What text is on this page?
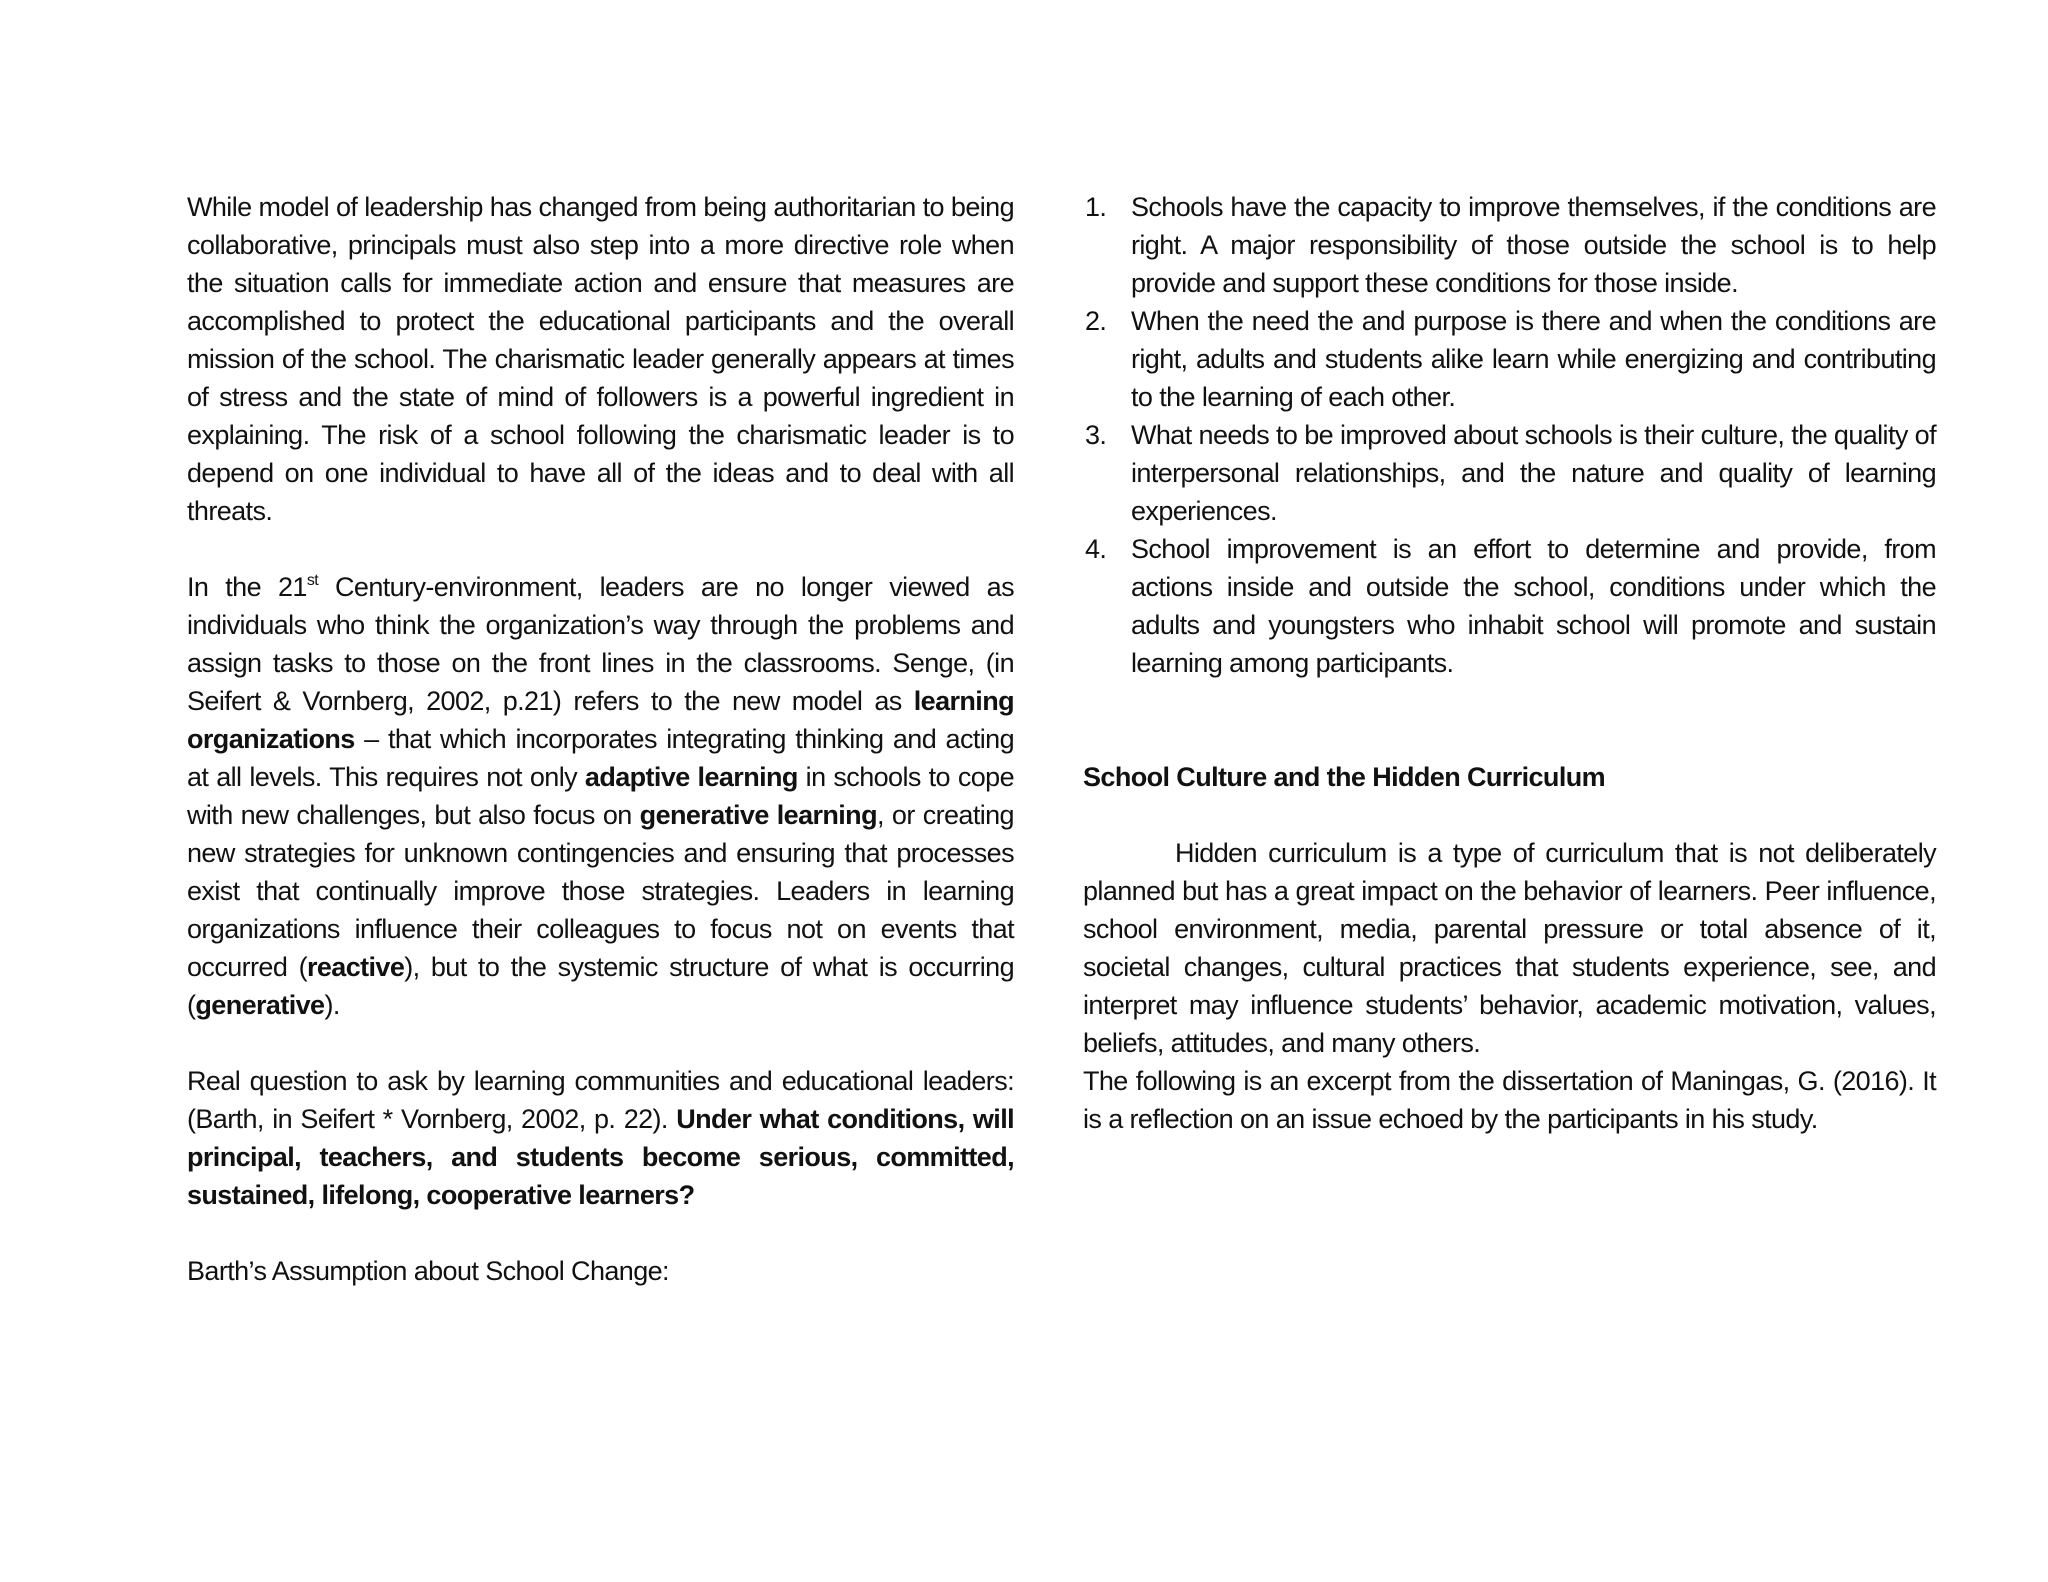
While model of leadership has changed from being authoritarian to being collaborative, principals must also step into a more directive role when the situation calls for immediate action and ensure that measures are accomplished to protect the educational participants and the overall mission of the school. The charismatic leader generally appears at times of stress and the state of mind of followers is a powerful ingredient in explaining. The risk of a school following the charismatic leader is to depend on one individual to have all of the ideas and to deal with all threats.

In the 21st Century-environment, leaders are no longer viewed as individuals who think the organization’s way through the problems and assign tasks to those on the front lines in the classrooms. Senge, (in Seifert & Vornberg, 2002, p.21) refers to the new model as learning organizations – that which incorporates integrating thinking and acting at all levels. This requires not only adaptive learning in schools to cope with new challenges, but also focus on generative learning, or creating new strategies for unknown contingencies and ensuring that processes exist that continually improve those strategies. Leaders in learning organizations influence their colleagues to focus not on events that occurred (reactive), but to the systemic structure of what is occurring (generative).

Real question to ask by learning communities and educational leaders: (Barth, in Seifert * Vornberg, 2002, p. 22). Under what conditions, will principal, teachers, and students become serious, committed, sustained, lifelong, cooperative learners?

Barth’s Assumption about School Change:

1. Schools have the capacity to improve themselves, if the conditions are right. A major responsibility of those outside the school is to help provide and support these conditions for those inside.
2. When the need the and purpose is there and when the conditions are right, adults and students alike learn while energizing and contributing to the learning of each other.
3. What needs to be improved about schools is their culture, the quality of interpersonal relationships, and the nature and quality of learning experiences.
4. School improvement is an effort to determine and provide, from actions inside and outside the school, conditions under which the adults and youngsters who inhabit school will promote and sustain learning among participants.

School Culture and the Hidden Curriculum

Hidden curriculum is a type of curriculum that is not deliberately planned but has a great impact on the behavior of learners. Peer influence, school environment, media, parental pressure or total absence of it, societal changes, cultural practices that students experience, see, and interpret may influence students’ behavior, academic motivation, values, beliefs, attitudes, and many others.

The following is an excerpt from the dissertation of Maningas, G. (2016). It is a reflection on an issue echoed by the participants in his study.
